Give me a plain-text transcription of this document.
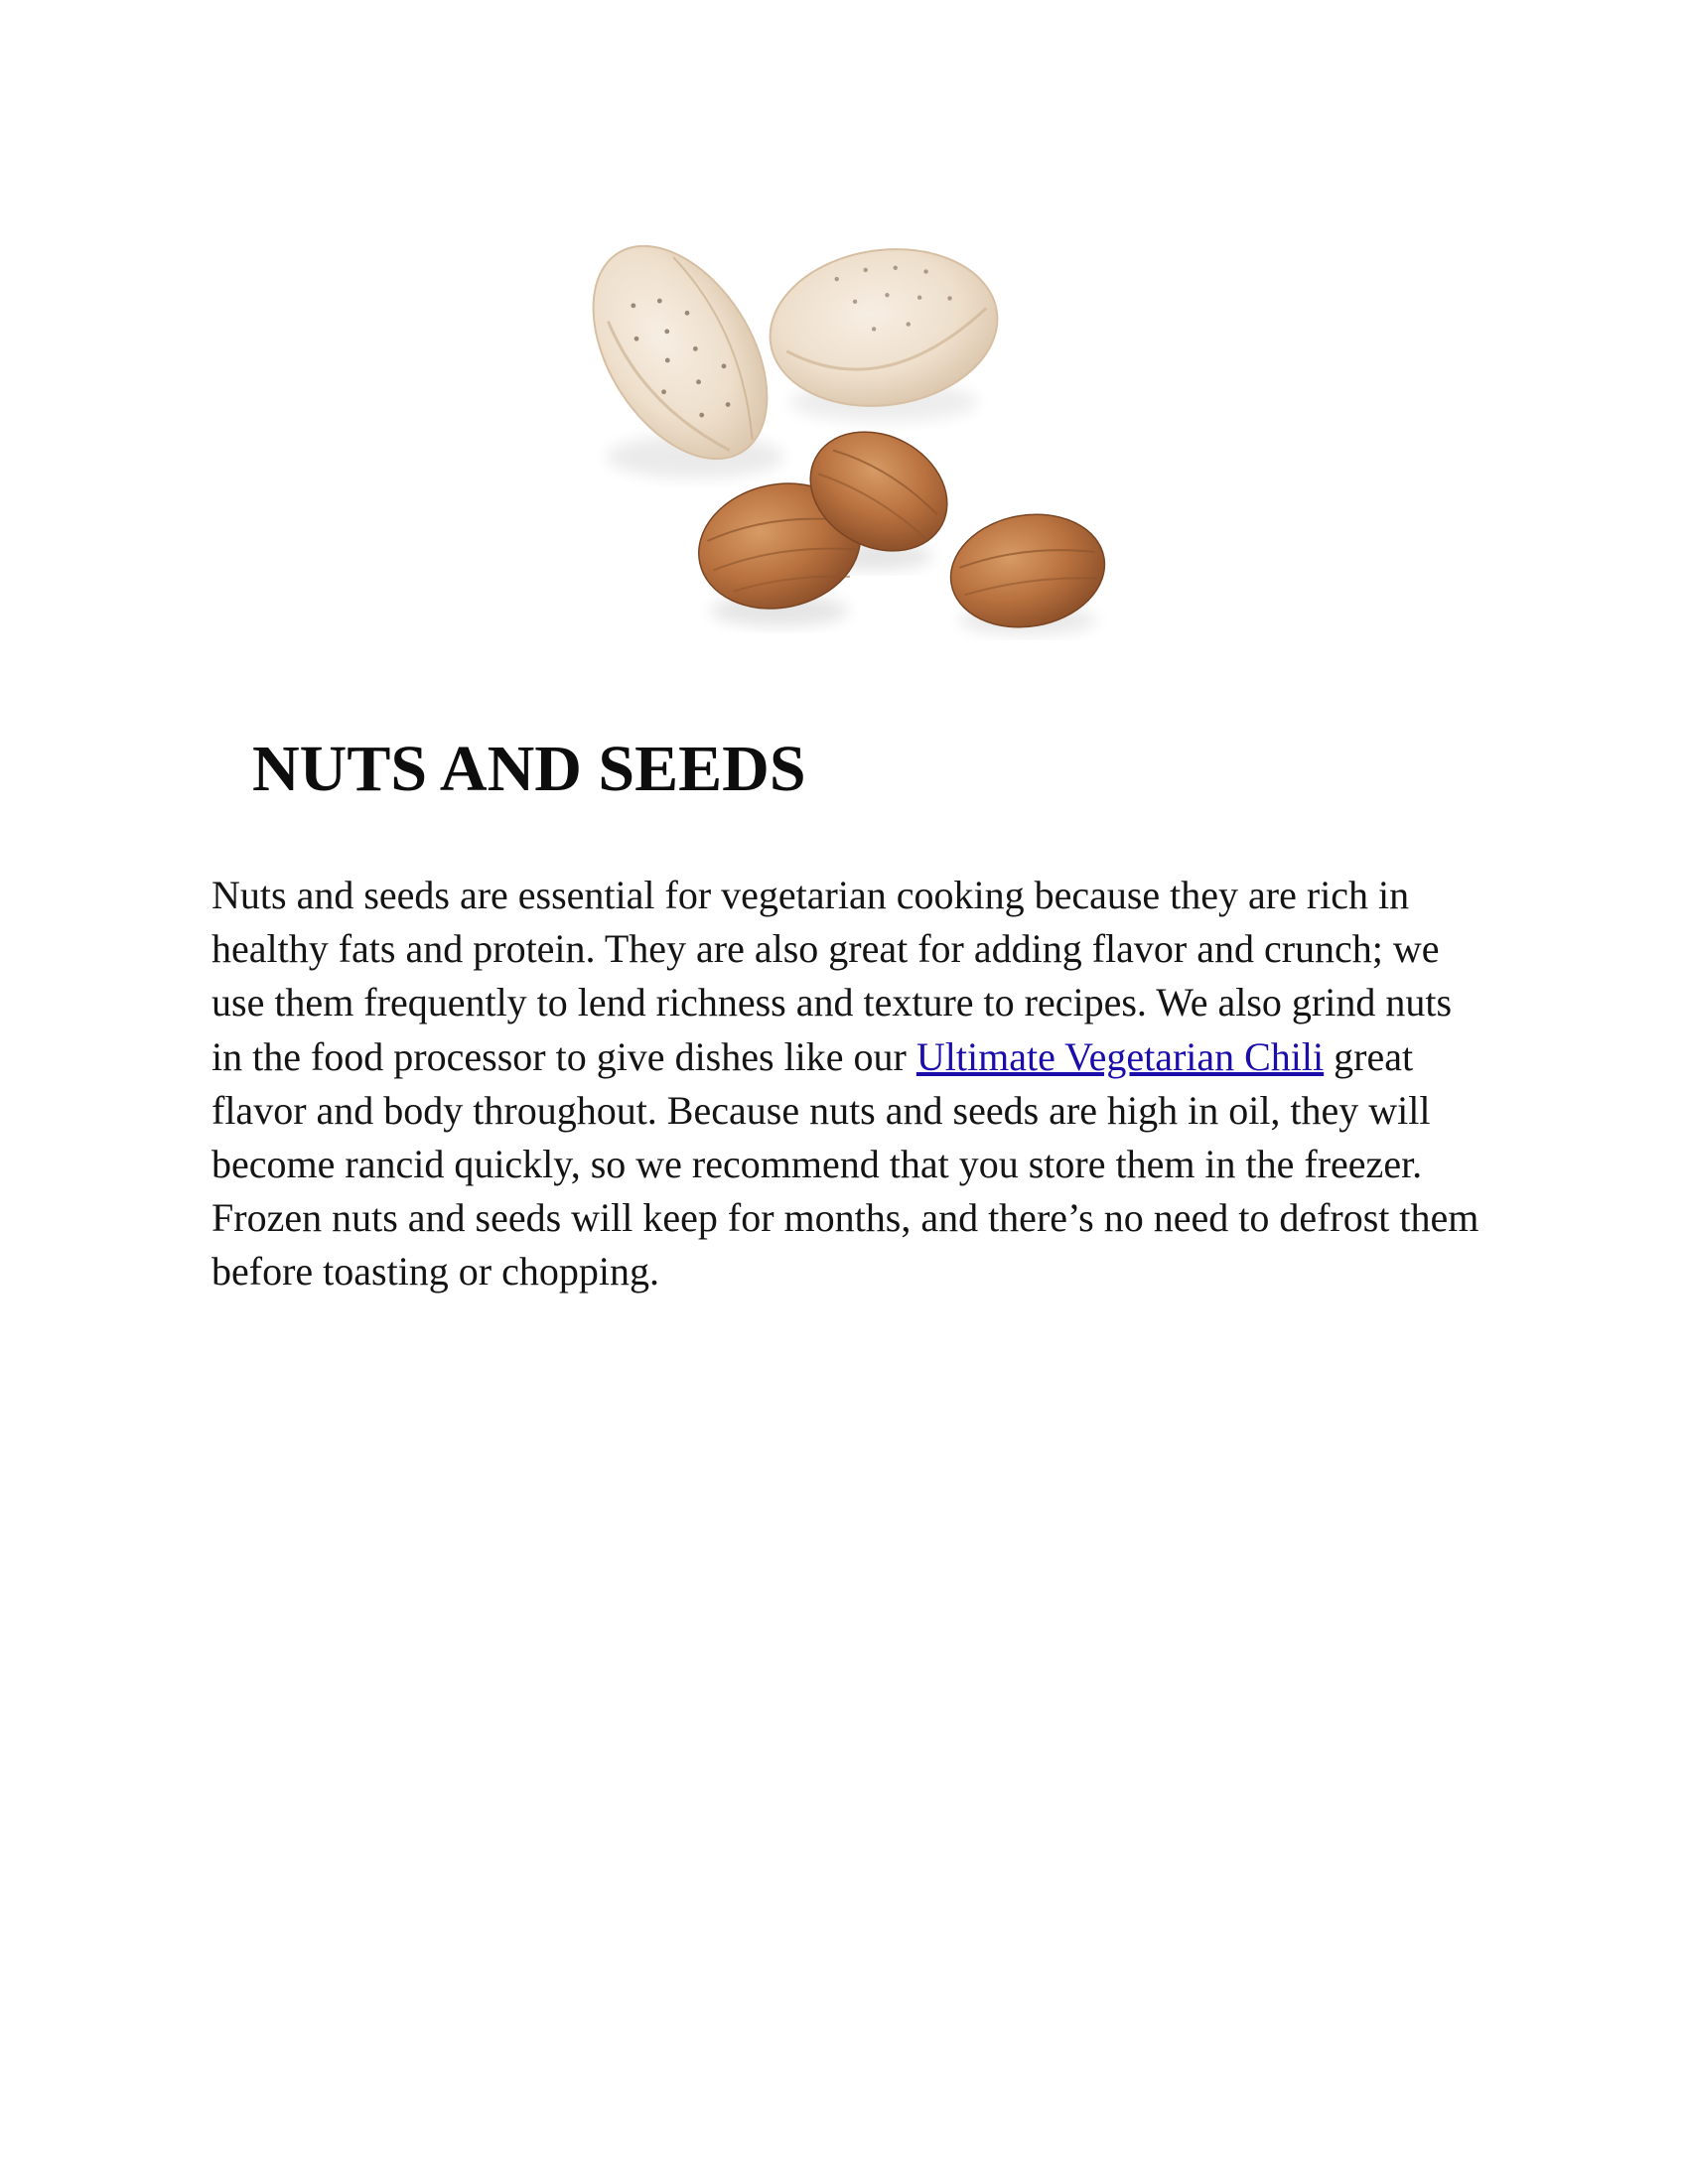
NUTS AND SEEDS

Nuts and seeds are essential for vegetarian cooking because they are rich in healthy fats and protein. They are also great for adding flavor and crunch; we use them frequently to lend richness and texture to recipes. We also grind nuts in the food processor to give dishes like our Ultimate Vegetarian Chili great flavor and body throughout. Because nuts and seeds are high in oil, they will become rancid quickly, so we recommend that you store them in the freezer. Frozen nuts and seeds will keep for months, and there’s no need to defrost them before toasting or chopping.
